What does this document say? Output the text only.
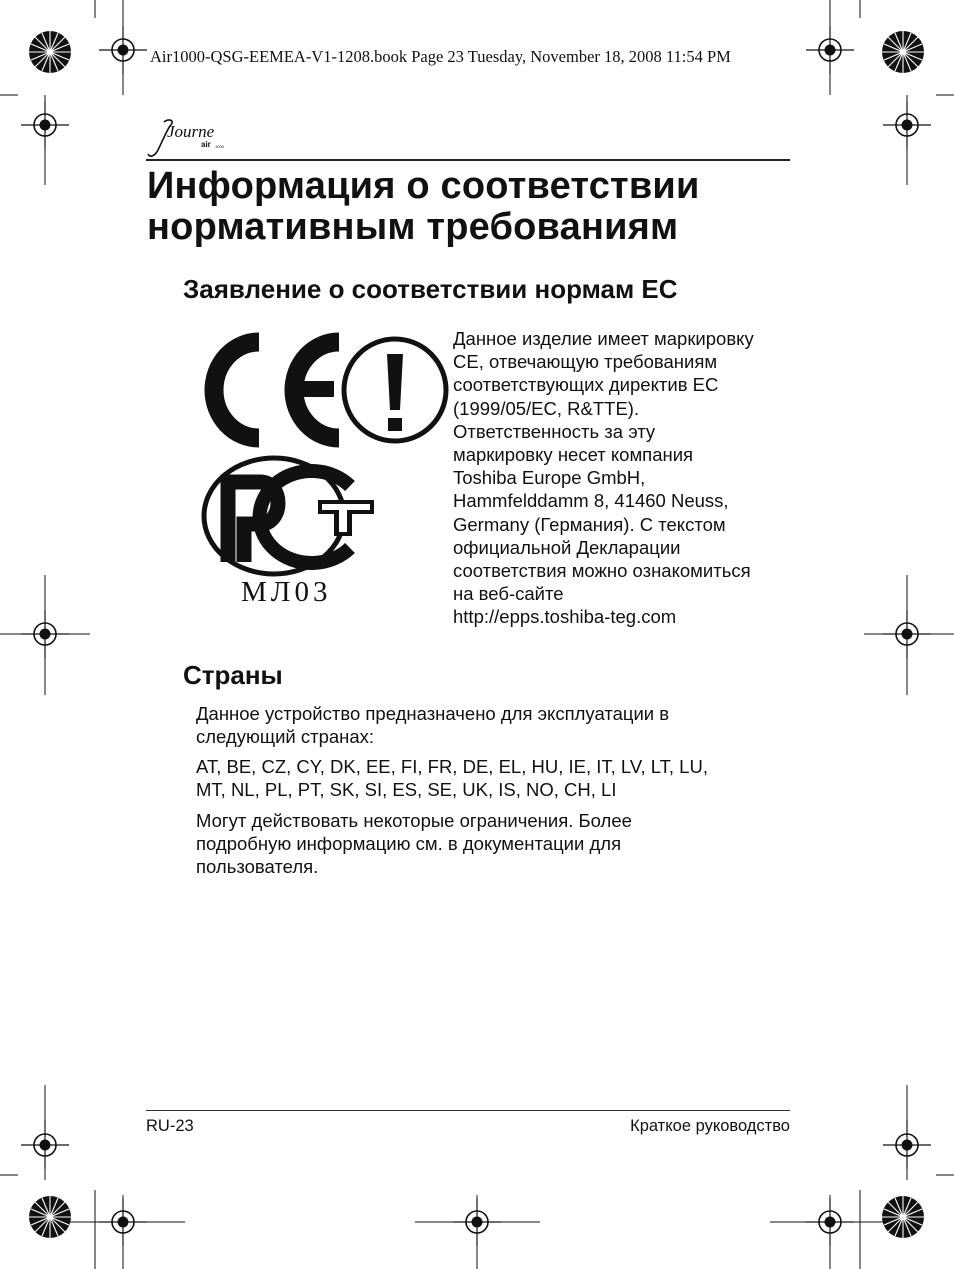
Air1000-QSG-EEMEA-V1-1208.book Page 23 Tuesday, November 18, 2008 11:54 PM
Journe
air 1000
Информация о соответствии
нормативным требованиям
Заявление о соответствии нормам ЕС
МЛ03
Данное изделие имеет маркировку
CE, отвечающую требованиям
соответствующих директив ЕС
(1999/05/EC, R&TTE).
Ответственность за эту
маркировку несет компания
Toshiba Europe GmbH,
Hammfelddamm 8, 41460 Neuss,
Germany (Германия). С текстом
официальной Декларации
соответствия можно ознакомиться
на веб-сайте
http://epps.toshiba-teg.com
Страны

Данное устройство предназначено для эксплуатации в

следующий странах:

AT, BE, CZ, CY, DK, EE, FI, FR, DE, EL, HU, IE, IT, LV, LT, LU,

MT, NL, PL, PT, SK, SI, ES, SE, UK, IS, NO, CH, LI

Могут действовать некоторые ограничения. Более

подробную информацию см. в документации для

пользователя.

RU-23	Краткое руководство
